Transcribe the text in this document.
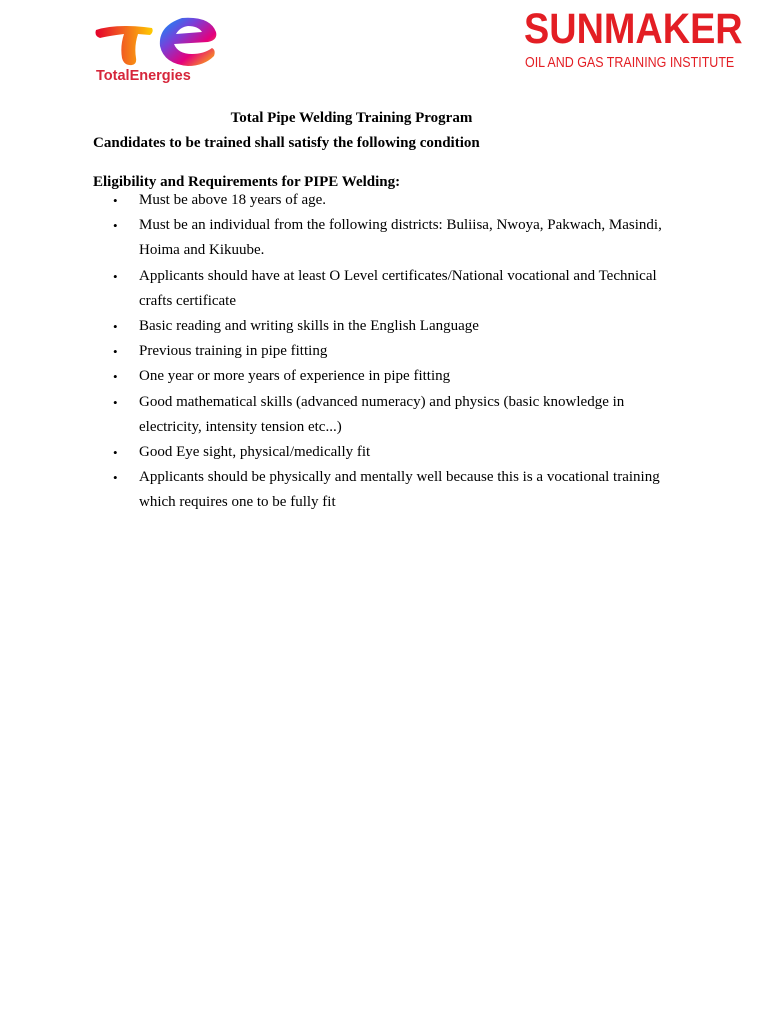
TotalEnergies
SUNMAKER
OIL AND GAS TRAINING INSTITUTE
Total Pipe Welding Training Program
Candidates to be trained shall satisfy the following condition
Eligibility and Requirements for PIPE Welding:
•	Must be above 18 years of age.
•	Must be an individual from the following districts: Buliisa, Nwoya, Pakwach, Masindi, Hoima and Kikuube.
•	Applicants should have at least O Level certificates/National vocational and Technical crafts certificate
•	Basic reading and writing skills in the English Language
•	Previous training in pipe fitting
•	One year or more years of experience in pipe fitting
•	Good mathematical skills (advanced numeracy) and physics (basic knowledge in electricity, intensity tension etc...)
•	Good Eye sight, physical/medically fit
•	Applicants should be physically and mentally well because this is a vocational training which requires one to be fully fit
